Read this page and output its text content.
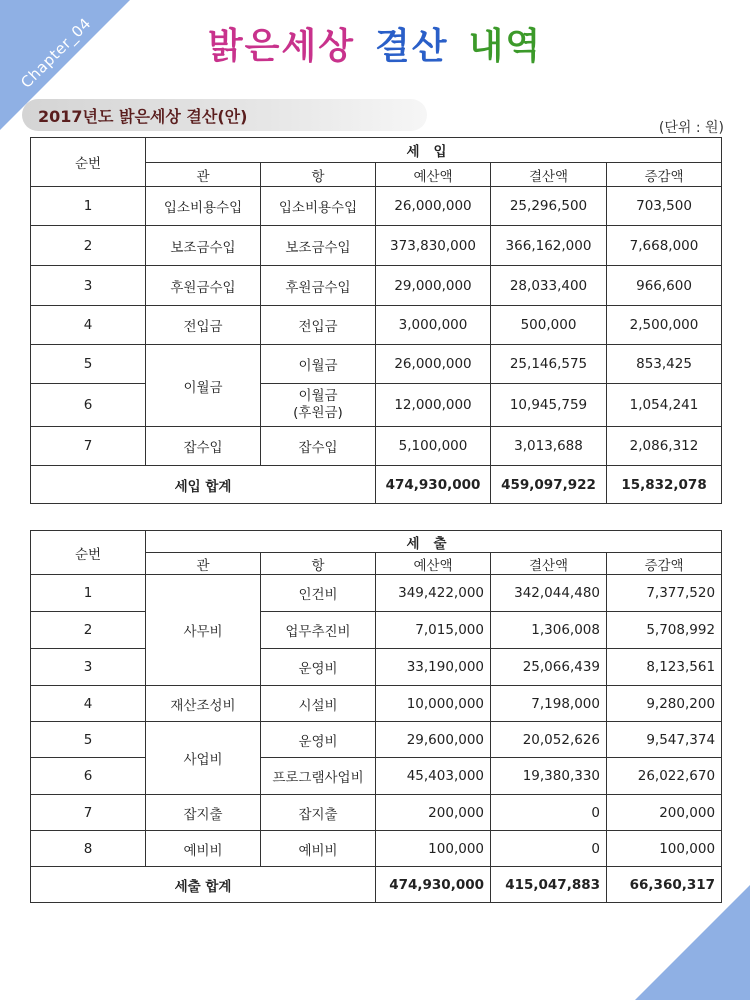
Chapter_04	밝은세상 결산 내역
2017년도 밝은세상 결산(안)
(단위 : 원)
순번	세입				
	관	항	예산액	결산액	증감액
1	입소비용수입	입소비용수입	26,000,000	25,296,500	703,500
2	보조금수입	보조금수입	373,830,000	366,162,000	7,668,000
3	후원금수입	후원금수입	29,000,000	28,033,400	966,600
4	전입금	전입금	3,000,000	500,000	2,500,000
5	이월금	이월금	26,000,000	25,146,575	853,425
6		이월금
(후원금)	12,000,000	10,945,759	1,054,241
7	잡수입	잡수입	5,100,000	3,013,688	2,086,312
세입 합계			474,930,000	459,097,922	15,832,078
순번	세출				
	관	항	예산액	결산액	증감액
1	사무비	인건비	349,422,000	342,044,480	7,377,520
2		업무추진비	7,015,000	1,306,008	5,708,992
3		운영비	33,190,000	25,066,439	8,123,561
4	재산조성비	시설비	10,000,000	7,198,000	9,280,200
5	사업비	운영비	29,600,000	20,052,626	9,547,374
6		프로그램사업비	45,403,000	19,380,330	26,022,670
7	잡지출	잡지출	200,000	0	200,000
8	예비비	예비비	100,000	0	100,000
세출 합계			474,930,000	415,047,883	66,360,317
